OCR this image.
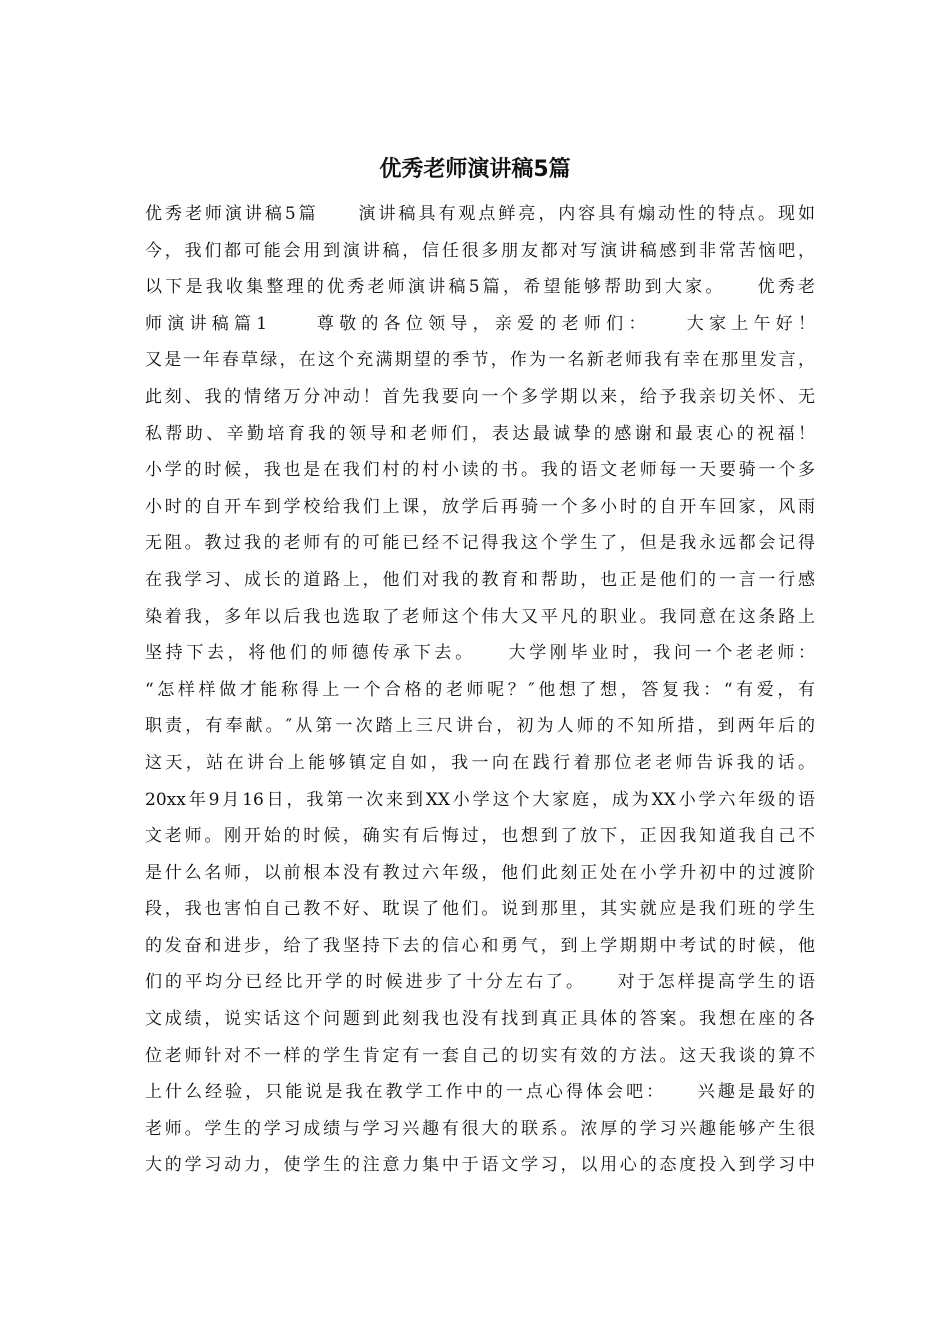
优秀老师演讲稿5篇
优秀老师演讲稿5篇　　演讲稿具有观点鲜亮，内容具有煽动性的特点。现如
今，我们都可能会用到演讲稿，信任很多朋友都对写演讲稿感到非常苦恼吧，
以下是我收集整理的优秀老师演讲稿5篇，希望能够帮助到大家。　　优秀老
师演讲稿篇1　　尊敬的各位领导，亲爱的老师们：　　大家上午好！
又是一年春草绿，在这个充满期望的季节，作为一名新老师我有幸在那里发言，
此刻、我的情绪万分冲动！首先我要向一个多学期以来，给予我亲切关怀、无
私帮助、辛勤培育我的领导和老师们，表达最诚挚的感谢和最衷心的祝福！
小学的时候，我也是在我们村的村小读的书。我的语文老师每一天要骑一个多
小时的自开车到学校给我们上课，放学后再骑一个多小时的自开车回家，风雨
无阻。教过我的老师有的可能已经不记得我这个学生了，但是我永远都会记得
在我学习、成长的道路上，他们对我的教育和帮助，也正是他们的一言一行感
染着我，多年以后我也选取了老师这个伟大又平凡的职业。我同意在这条路上
坚持下去，将他们的师德传承下去。　　大学刚毕业时，我问一个老老师：
“怎样样做才能称得上一个合格的老师呢？″他想了想，答复我：“有爱，有
职责，有奉献。″从第一次踏上三尺讲台，初为人师的不知所措，到两年后的
这天，站在讲台上能够镇定自如，我一向在践行着那位老老师告诉我的话。
20xx年9月16日，我第一次来到XX小学这个大家庭，成为XX小学六年级的语
文老师。刚开始的时候，确实有后悔过，也想到了放下，正因我知道我自己不
是什么名师，以前根本没有教过六年级，他们此刻正处在小学升初中的过渡阶
段，我也害怕自己教不好、耽误了他们。说到那里，其实就应是我们班的学生
的发奋和进步，给了我坚持下去的信心和勇气，到上学期期中考试的时候，他
们的平均分已经比开学的时候进步了十分左右了。　　对于怎样提高学生的语
文成绩，说实话这个问题到此刻我也没有找到真正具体的答案。我想在座的各
位老师针对不一样的学生肯定有一套自己的切实有效的方法。这天我谈的算不
上什么经验，只能说是我在教学工作中的一点心得体会吧：　　兴趣是最好的
老师。学生的学习成绩与学习兴趣有很大的联系。浓厚的学习兴趣能够产生很
大的学习动力，使学生的注意力集中于语文学习，以用心的态度投入到学习中
